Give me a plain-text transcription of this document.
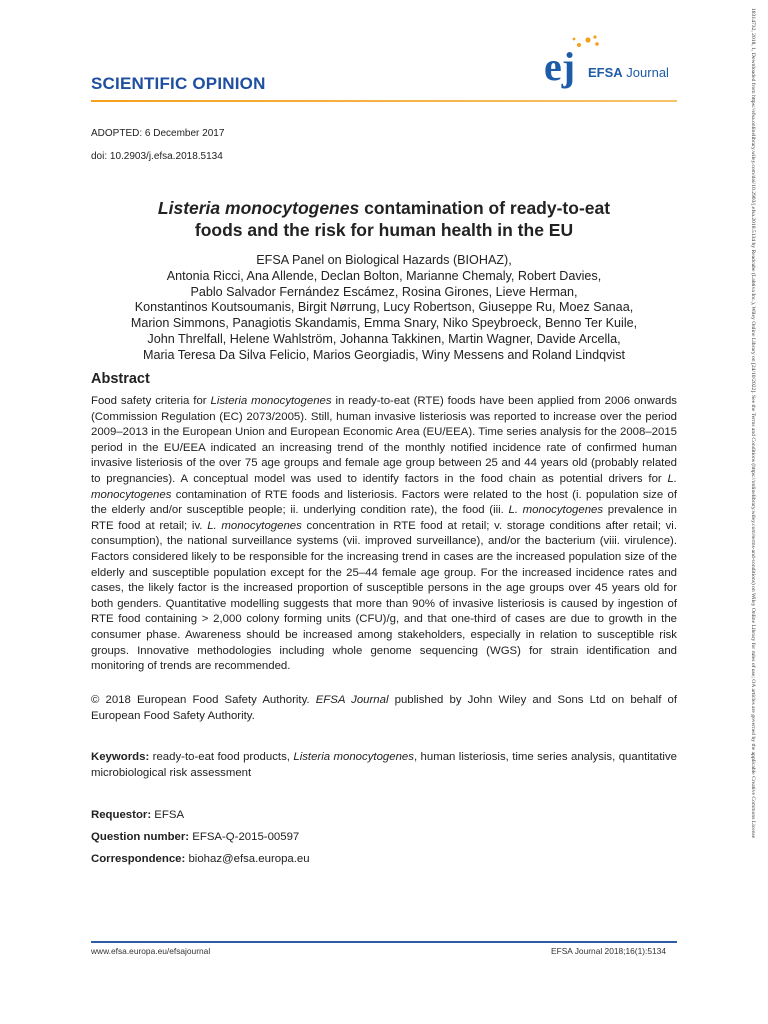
18314732, 2018, 1, Downloaded from https://efsa.onlinelibrary.wiley.com/doi/10.2903/j.efsa.2018.5134 by Readcube (Labtiva Inc.), Wiley Online Library on [24/10/2022]. See the Terms and Conditions (https://onlinelibrary.wiley.com/terms-and-conditions) on Wiley Online Library for rules of use; OA articles are governed by the applicable Creative Commons License
SCIENTIFIC OPINION	ej EFSA Journal
ADOPTED: 6 December 2017
doi: 10.2903/j.efsa.2018.5134
Listeria monocytogenes contamination of ready-to-eat
foods and the risk for human health in the EU
EFSA Panel on Biological Hazards (BIOHAZ),
Antonia Ricci, Ana Allende, Declan Bolton, Marianne Chemaly, Robert Davies,
Pablo Salvador Fernández Escámez, Rosina Girones, Lieve Herman,
Konstantinos Koutsoumanis, Birgit Nørrung, Lucy Robertson, Giuseppe Ru, Moez Sanaa,
Marion Simmons, Panagiotis Skandamis, Emma Snary, Niko Speybroeck, Benno Ter Kuile,
John Threlfall, Helene Wahlström, Johanna Takkinen, Martin Wagner, Davide Arcella,
Maria Teresa Da Silva Felicio, Marios Georgiadis, Winy Messens and Roland Lindqvist
Abstract
Food safety criteria for Listeria monocytogenes in ready-to-eat (RTE) foods have been applied from 2006 onwards (Commission Regulation (EC) 2073/2005). Still, human invasive listeriosis was reported to increase over the period 2009–2013 in the European Union and European Economic Area (EU/EEA). Time series analysis for the 2008–2015 period in the EU/EEA indicated an increasing trend of the monthly notified incidence rate of confirmed human invasive listeriosis of the over 75 age groups and female age group between 25 and 44 years old (probably related to pregnancies). A conceptual model was used to identify factors in the food chain as potential drivers for L. monocytogenes contamination of RTE foods and listeriosis. Factors were related to the host (i. population size of the elderly and/or susceptible people; ii. underlying condition rate), the food (iii. L. monocytogenes prevalence in RTE food at retail; iv. L. monocytogenes concentration in RTE food at retail; v. storage conditions after retail; vi. consumption), the national surveillance systems (vii. improved surveillance), and/or the bacterium (viii. virulence). Factors considered likely to be responsible for the increasing trend in cases are the increased population size of the elderly and susceptible population except for the 25–44 female age group. For the increased incidence rates and cases, the likely factor is the increased proportion of susceptible persons in the age groups over 45 years old for both genders. Quantitative modelling suggests that more than 90% of invasive listeriosis is caused by ingestion of RTE food containing > 2,000 colony forming units (CFU)/g, and that one-third of cases are due to growth in the consumer phase. Awareness should be increased among stakeholders, especially in relation to susceptible risk groups. Innovative methodologies including whole genome sequencing (WGS) for strain identification and monitoring of trends are recommended.
© 2018 European Food Safety Authority. EFSA Journal published by John Wiley and Sons Ltd on behalf of European Food Safety Authority.
Keywords: ready-to-eat food products, Listeria monocytogenes, human listeriosis, time series analysis, quantitative microbiological risk assessment
Requestor: EFSA
Question number: EFSA-Q-2015-00597
Correspondence: biohaz@efsa.europa.eu
www.efsa.europa.eu/efsajournal	EFSA Journal 2018;16(1):5134
